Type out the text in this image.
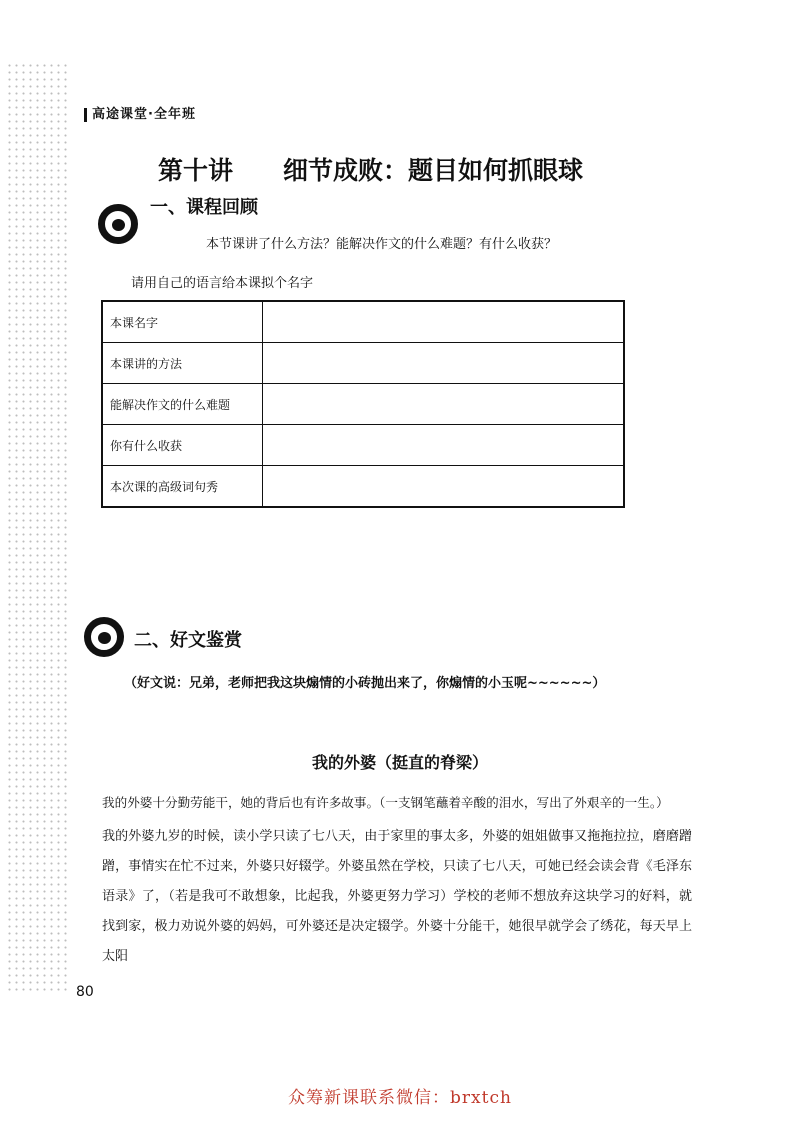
高途课堂·全年班
第十讲 细节成败：题目如何抓眼球
一、课程回顾
本节课讲了什么方法？能解决作文的什么难题？有什么收获？
请用自己的语言给本课拟个名字
本课名字	
本课讲的方法	
能解决作文的什么难题	
你有什么收获	
本次课的高级词句秀	
二、好文鉴赏
（好文说：兄弟，老师把我这块煽情的小砖抛出来了，你煽情的小玉呢~~~~~~）
我的外婆（挺直的脊梁）
我的外婆十分勤劳能干，她的背后也有许多故事。（一支钢笔蘸着辛酸的泪水，写出了外艰辛的一生。）
我的外婆九岁的时候，读小学只读了七八天，由于家里的事太多，外婆的姐姐做事又拖拖拉拉，磨磨蹭蹭，事情实在忙不过来，外婆只好辍学。外婆虽然在学校，只读了七八天，可她已经会读会背《毛泽东语录》了，（若是我可不敢想象，比起我，外婆更努力学习）学校的老师不想放弃这块学习的好料，就找到家，极力劝说外婆的妈妈，可外婆还是决定辍学。外婆十分能干，她很早就学会了绣花，每天早上太阳
80
众筹新课联系微信：brxtch
